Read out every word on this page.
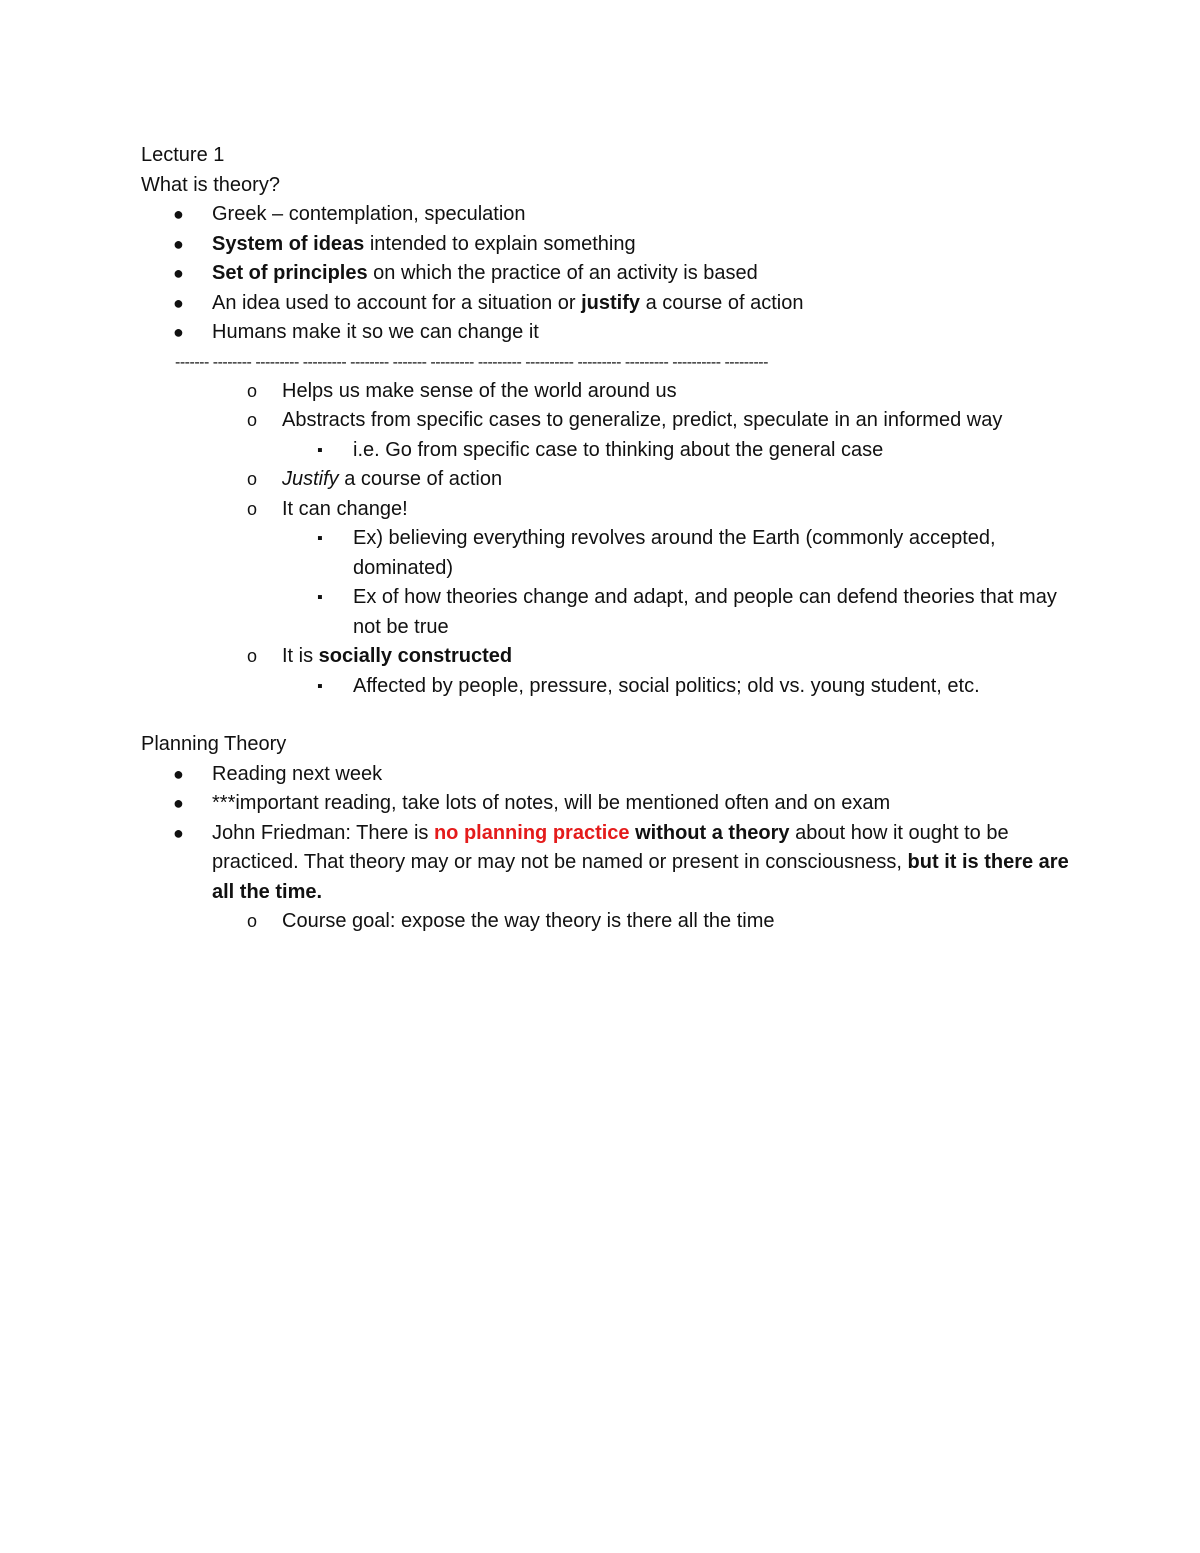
Lecture 1
What is theory?
● Greek – contemplation, speculation
● System of ideas intended to explain something
● Set of principles on which the practice of an activity is based
● An idea used to account for a situation or justify a course of action
● Humans make it so we can change it
------- -------- --------- --------- -------- ------- --------- --------- ---------- --------- --------- ---------- ---------
o Helps us make sense of the world around us
o Abstracts from specific cases to generalize, predict, speculate in an informed way
▪ i.e. Go from specific case to thinking about the general case
o Justify a course of action
o It can change!
▪ Ex) believing everything revolves around the Earth (commonly accepted, dominated)
▪ Ex of how theories change and adapt, and people can defend theories that may not be true
o It is socially constructed
▪ Affected by people, pressure, social politics; old vs. young student, etc.
Planning Theory
● Reading next week
● ***important reading, take lots of notes, will be mentioned often and on exam
● John Friedman: There is no planning practice without a theory about how it ought to be practiced. That theory may or may not be named or present in consciousness, but it is there are all the time.
o Course goal: expose the way theory is there all the time
